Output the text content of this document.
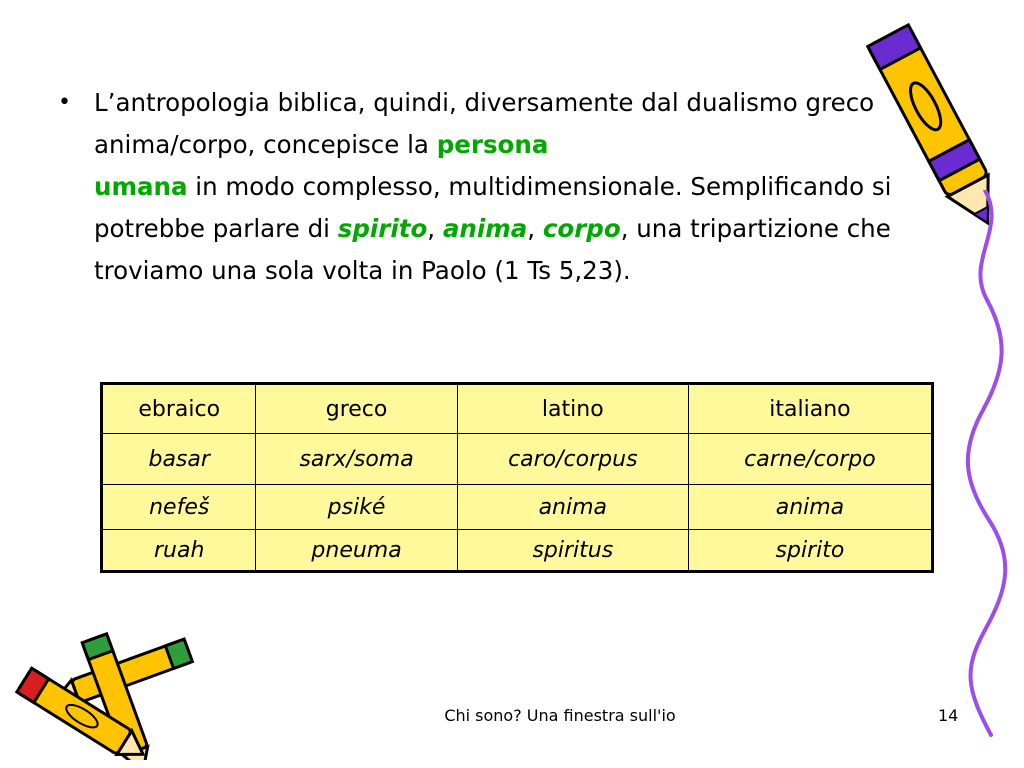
• L’antropologia biblica, quindi, diversamente dal dualismo greco anima/corpo, concepisce la persona
umana in modo complesso, multidimensionale. Semplificando si potrebbe parlare di spirito, anima, corpo, una tripartizione che troviamo una sola volta in Paolo (1 Ts 5,23).
ebraico	greco	latino	italiano
basar	sarx/soma	caro/corpus	carne/corpo
nefeš	psiké	anima	anima
ruah	pneuma	spiritus	spirito
Chi sono? Una finestra sull'io	14
